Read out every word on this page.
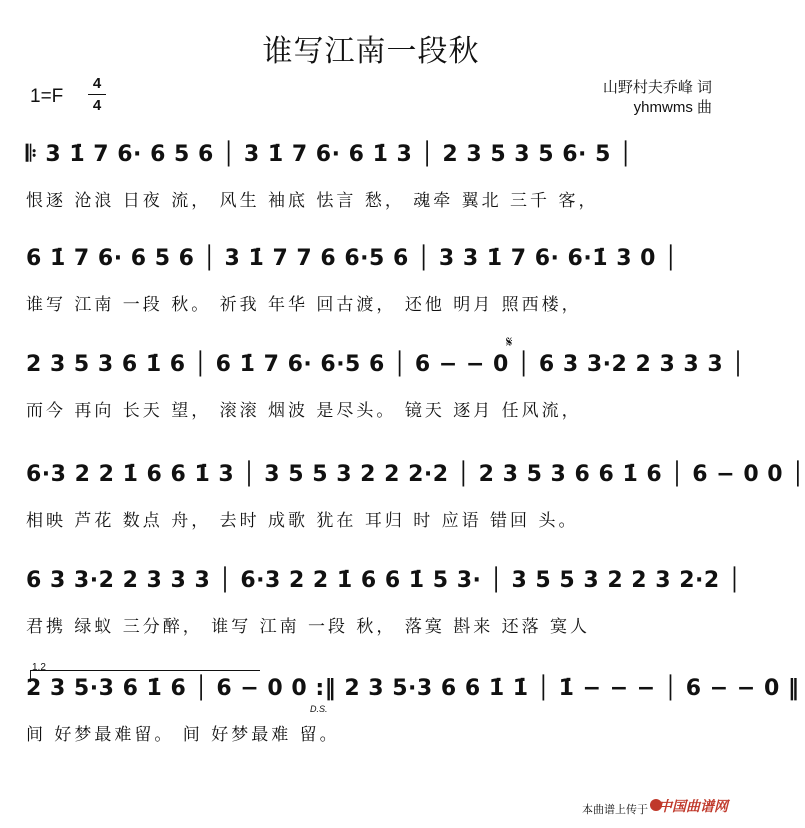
谁写江南一段秋
1=F
4
4
山野村夫乔峰 词
yhmwms 曲
𝄆 3 1̇ 7 6· 6 5 6 │ 3 1̇ 7 6· 6 1̇ 3 │ 2 3 5 3 5 6· 5 │
恨逐 沧浪 日夜 流， 风生 袖底 怯言 愁， 魂牵 翼北 三千 客，
6 1̇ 7 6· 6 5 6 │ 3 1̇ 7 7 6 6·5 6 │ 3 3 1̇ 7 6· 6·1̇ 3 0 │
谁写 江南 一段 秋。 祈我 年华 回古渡， 还他 明月 照西楼，
2 3 5 3 6 1̇ 6 │ 6 1̇ 7 6· 6·5 6 │ 6 − − 0 │ 6 3 3·2 2 3 3 3 │
而今 再向 长天 望， 滚滚 烟波 是尽头。 镜天 逐月 任风流，
𝄋
6·3 2 2 1̇ 6 6 1̇ 3 │ 3 5 5 3 2 2 2·2 │ 2 3 5 3 6 6 1̇ 6 │ 6 − 0 0 │
相映 芦花 数点 舟， 去时 成歌 犹在 耳归 时 应语 错回 头。
6 3 3·2 2 3 3 3 │ 6·3 2 2 1̇ 6 6 1̇ 5 3· │ 3 5 5 3 2 2 3 2·2 │
君携 绿蚁 三分醉， 谁写 江南 一段 秋， 落寞 斟来 还落 寞人
1.2
2 3 5·3 6 1̇ 6 │ 6 − 0 0 :‖ 2 3 5·3 6 6 1̇ 1̇ │ 1̇ − − − │ 6 − − 0 ‖
间 好梦最难留。 间 好梦最难 留。
D.S.
本曲谱上传于 中国曲谱网
